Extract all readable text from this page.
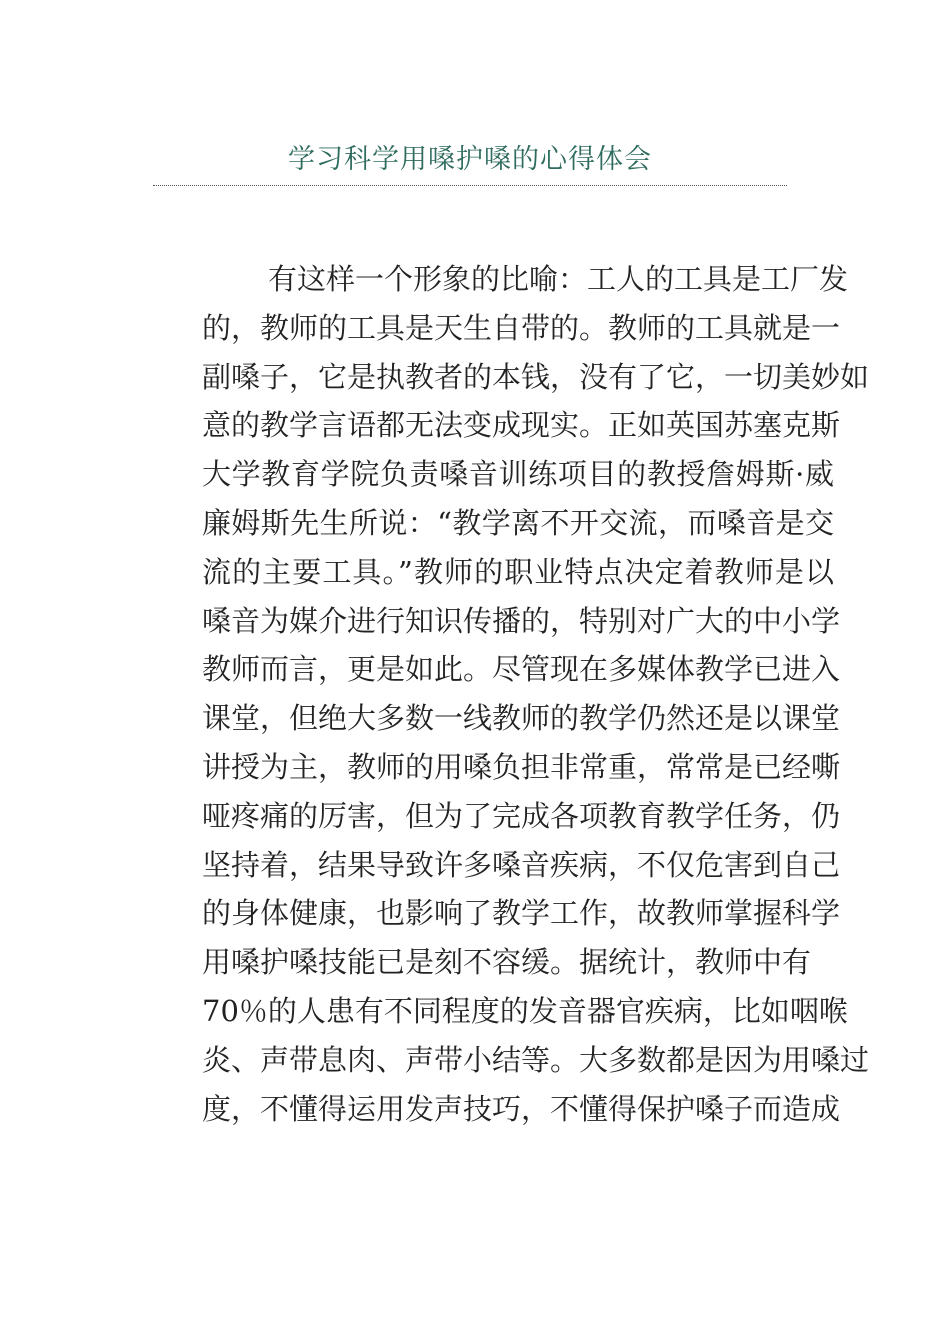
学习科学用嗓护嗓的心得体会
有这样一个形象的比喻：工人的工具是工厂发
的，教师的工具是天生自带的。教师的工具就是一
副嗓子，它是执教者的本钱，没有了它，一切美妙如
意的教学言语都无法变成现实。正如英国苏塞克斯
大学教育学院负责嗓音训练项目的教授詹姆斯·威
廉姆斯先生所说：“教学离不开交流，而嗓音是交
流的主要工具。”教师的职业特点决定着教师是以
嗓音为媒介进行知识传播的，特别对广大的中小学
教师而言，更是如此。尽管现在多媒体教学已进入
课堂，但绝大多数一线教师的教学仍然还是以课堂
讲授为主，教师的用嗓负担非常重，常常是已经嘶
哑疼痛的厉害，但为了完成各项教育教学任务，仍
坚持着，结果导致许多嗓音疾病，不仅危害到自己
的身体健康，也影响了教学工作，故教师掌握科学
用嗓护嗓技能已是刻不容缓。据统计，教师中有
70％的人患有不同程度的发音器官疾病，比如咽喉
炎、声带息肉、声带小结等。大多数都是因为用嗓过
度，不懂得运用发声技巧，不懂得保护嗓子而造成
